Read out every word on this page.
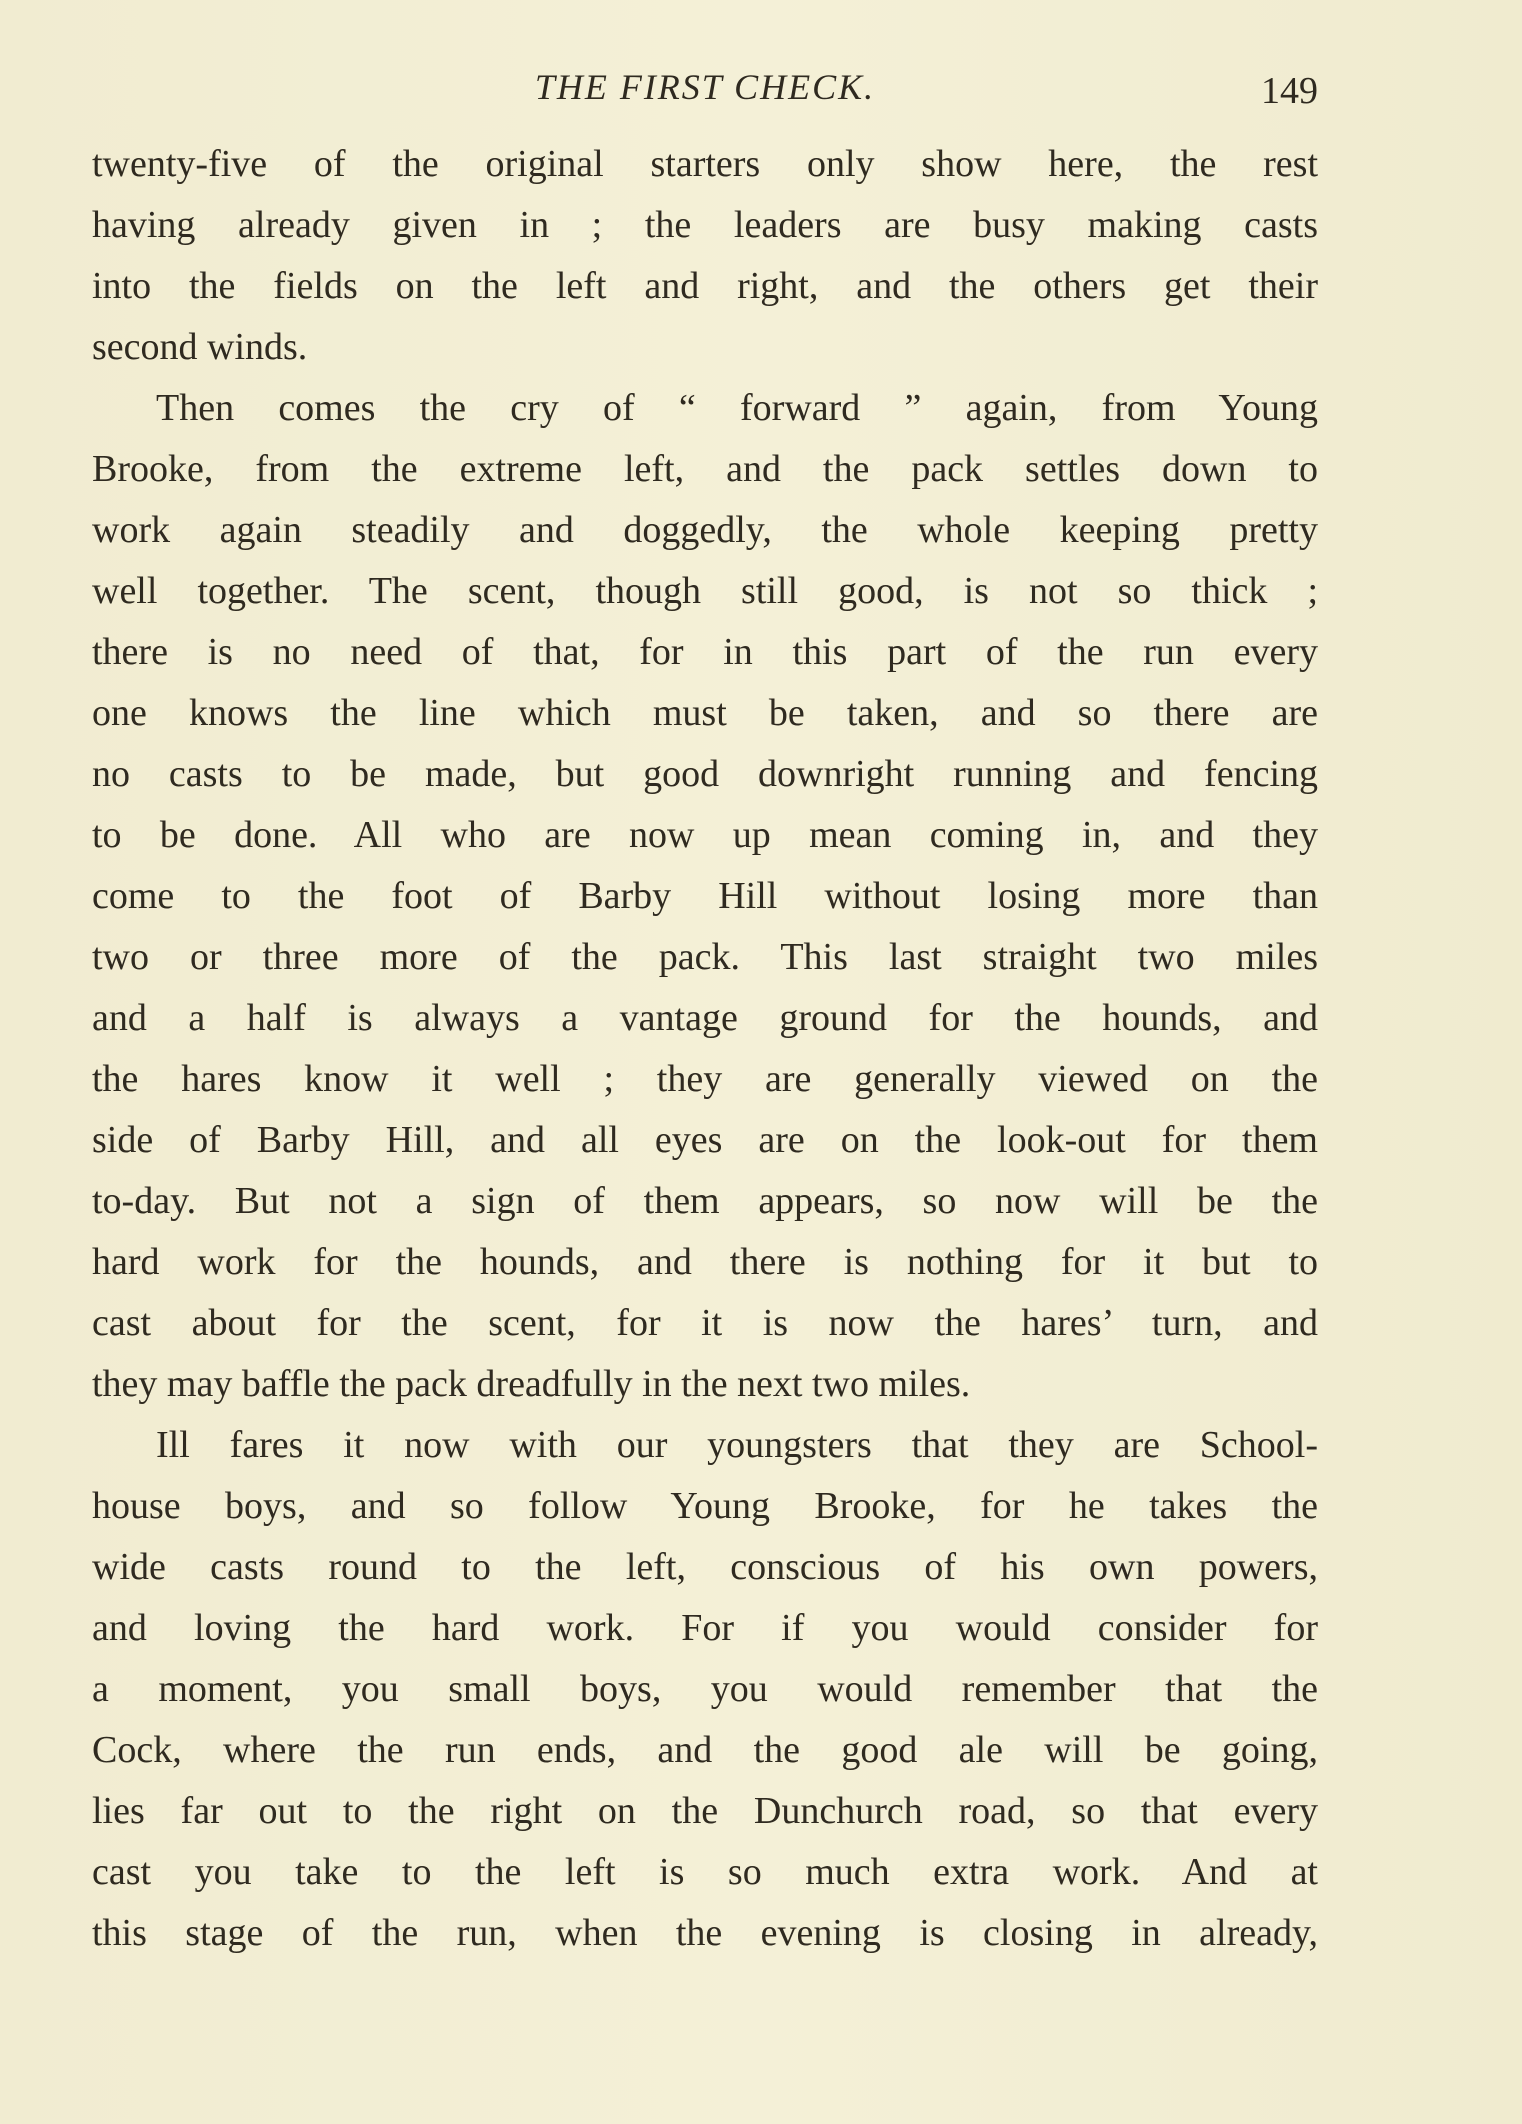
THE FIRST CHECK.	149
twenty-five of the original starters only show here, the rest
having already given in ; the leaders are busy making casts
into the fields on the left and right, and the others get their
second winds.
Then comes the cry of “ forward ” again, from Young
Brooke, from the extreme left, and the pack settles down to
work again steadily and doggedly, the whole keeping pretty
well together. The scent, though still good, is not so thick ;
there is no need of that, for in this part of the run every
one knows the line which must be taken, and so there are
no casts to be made, but good downright running and fencing
to be done. All who are now up mean coming in, and they
come to the foot of Barby Hill without losing more than
two or three more of the pack. This last straight two miles
and a half is always a vantage ground for the hounds, and
the hares know it well ; they are generally viewed on the
side of Barby Hill, and all eyes are on the look-out for them
to-day. But not a sign of them appears, so now will be the
hard work for the hounds, and there is nothing for it but to
cast about for the scent, for it is now the hares’ turn, and
they may baffle the pack dreadfully in the next two miles.
Ill fares it now with our youngsters that they are School-
house boys, and so follow Young Brooke, for he takes the
wide casts round to the left, conscious of his own powers,
and loving the hard work. For if you would consider for
a moment, you small boys, you would remember that the
Cock, where the run ends, and the good ale will be going,
lies far out to the right on the Dunchurch road, so that every
cast you take to the left is so much extra work. And at
this stage of the run, when the evening is closing in already,
